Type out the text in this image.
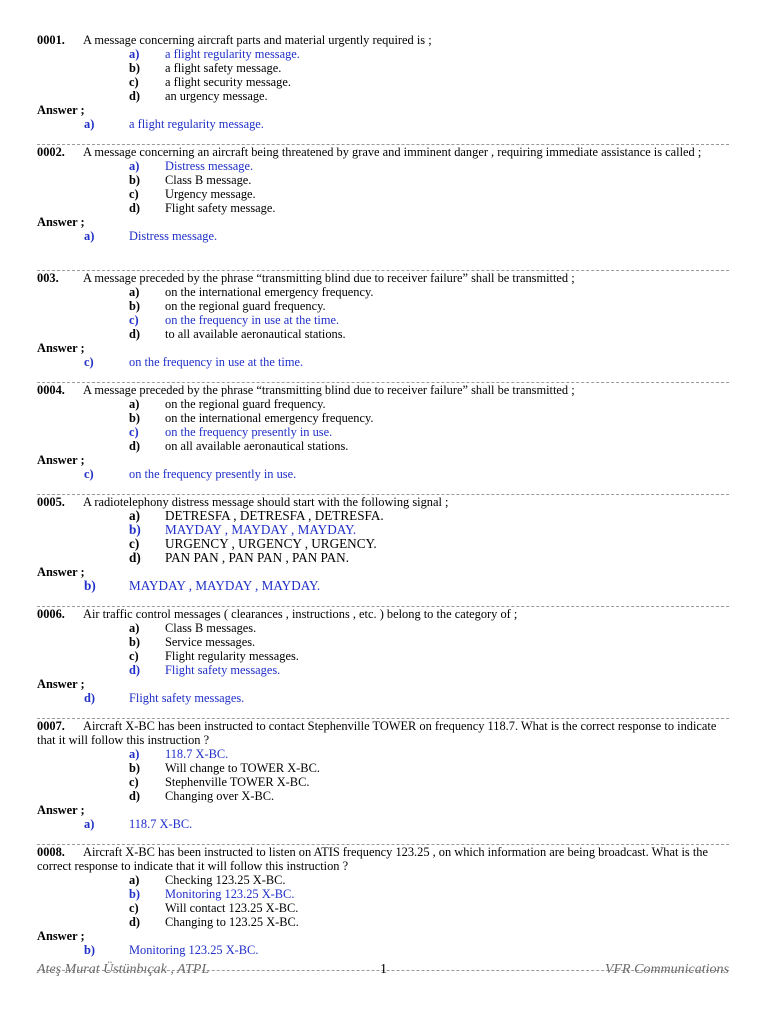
0001. A message concerning aircraft parts and material urgently required is ;
a) a flight regularity message.
b) a flight safety message.
c) a flight security message.
d) an urgency message.
Answer ;
a)	a flight regularity message.
0002. A message concerning an aircraft being threatened by grave and imminent danger , requiring immediate assistance is called ;
a) Distress message.
b) Class B message.
c) Urgency message.
d) Flight safety message.
Answer ;
a)	Distress message.
003. A message preceded by the phrase “transmitting blind due to receiver failure” shall be transmitted ;
a) on the international emergency frequency.
b) on the regional guard frequency.
c) on the frequency in use at the time.
d) to all available aeronautical stations.
Answer ;
c)	on the frequency in use at the time.
0004. A message preceded by the phrase “transmitting blind due to receiver failure” shall be transmitted ;
a) on the regional guard frequency.
b) on the international emergency frequency.
c) on the frequency presently in use.
d) on all available aeronautical stations.
Answer ;
c)	on the frequency presently in use.
0005. A radiotelephony distress message should start with the following signal ;
a) DETRESFA , DETRESFA , DETRESFA.
b) MAYDAY , MAYDAY , MAYDAY.
c) URGENCY , URGENCY , URGENCY.
d) PAN PAN , PAN PAN , PAN PAN.
Answer ;
b)	MAYDAY , MAYDAY , MAYDAY.
0006. Air traffic control messages ( clearances , instructions , etc. ) belong to the category of ;
a) Class B messages.
b) Service messages.
c) Flight regularity messages.
d) Flight safety messages.
Answer ;
d)	Flight safety messages.
0007. Aircraft X-BC has been instructed to contact Stephenville TOWER on frequency 118.7. What is the correct response to indicate that it will follow this instruction ?
a) 118.7 X-BC.
b) Will change to TOWER X-BC.
c) Stephenville TOWER X-BC.
d) Changing over X-BC.
Answer ;
a)	118.7 X-BC.
0008. Aircraft X-BC has been instructed to listen on ATIS frequency 123.25 , on which information are being broadcast. What is the correct response to indicate that it will follow this instruction ?
a) Checking 123.25 X-BC.
b) Monitoring 123.25 X-BC.
c) Will contact 123.25 X-BC.
d) Changing to 123.25 X-BC.
Answer ;
b)	Monitoring 123.25 X-BC.
Ateş Murat Üstünbıçak , ATPL	1	VFR Communications
